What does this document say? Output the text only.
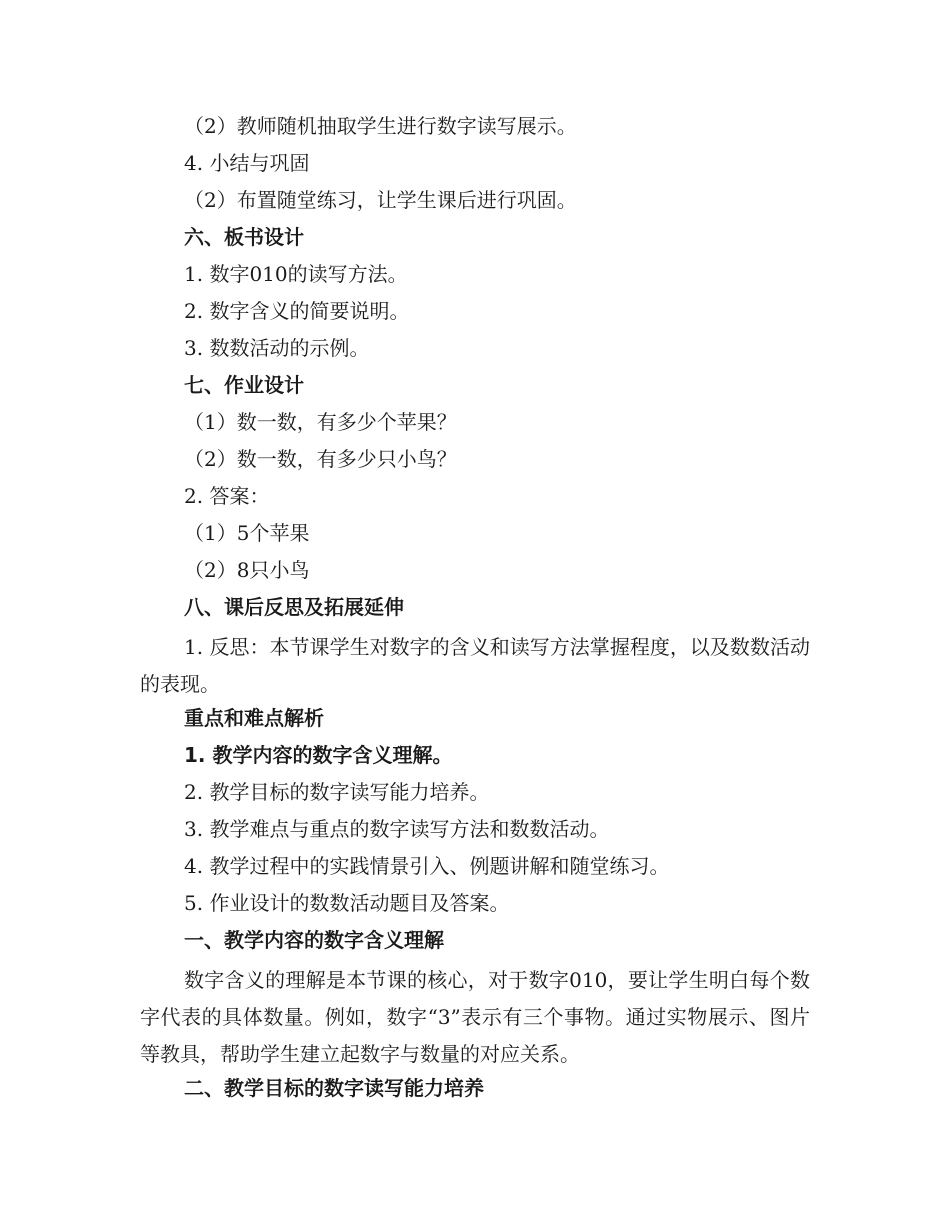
（2）教师随机抽取学生进行数字读写展示。
4. 小结与巩固
（2）布置随堂练习，让学生课后进行巩固。
六、板书设计
1. 数字010的读写方法。
2. 数字含义的简要说明。
3. 数数活动的示例。
七、作业设计
（1）数一数，有多少个苹果？
（2）数一数，有多少只小鸟？
2. 答案：
（1）5个苹果
（2）8只小鸟
八、课后反思及拓展延伸
1. 反思：本节课学生对数字的含义和读写方法掌握程度，以及数数活动的表现。
重点和难点解析
1. 教学内容的数字含义理解。
2. 教学目标的数字读写能力培养。
3. 教学难点与重点的数字读写方法和数数活动。
4. 教学过程中的实践情景引入、例题讲解和随堂练习。
5. 作业设计的数数活动题目及答案。
一、教学内容的数字含义理解
数字含义的理解是本节课的核心，对于数字010，要让学生明白每个数字代表的具体数量。例如，数字“3”表示有三个事物。通过实物展示、图片等教具，帮助学生建立起数字与数量的对应关系。
二、教学目标的数字读写能力培养
